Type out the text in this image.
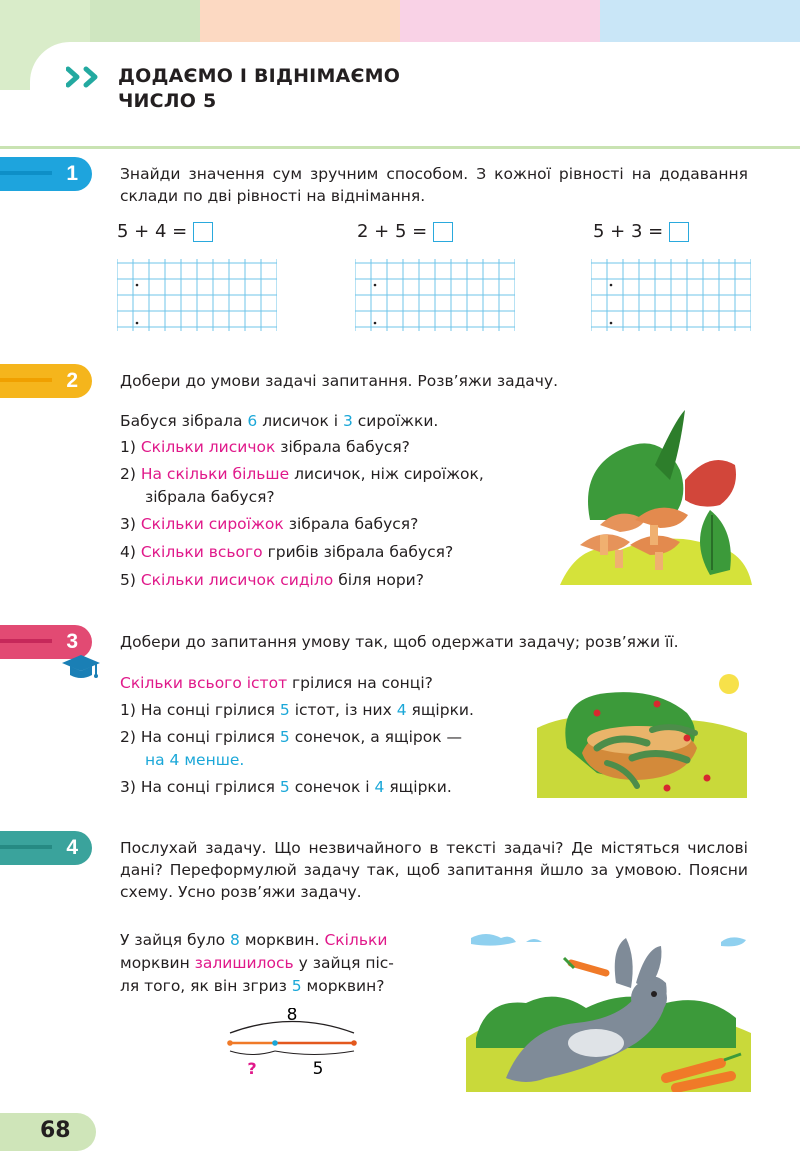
ДОДАЄМО І ВІДНІМАЄМО
ЧИСЛО 5
1	Знайди значення сум зручним способом. З кожної рівності на додавання склади по дві рівності на віднімання.
5 + 4 =	2 + 5 =	5 + 3 =
2	Добери до умови задачі запитання. Розв’яжи задачу.
Бабуся зібрала 6 лисичок і 3 сироїжки.
1) Скільки лисичок зібрала бабуся?
2) На скільки більше лисичок, ніж сироїжок,
зібрала бабуся?
3) Скільки сироїжок зібрала бабуся?
4) Скільки всього грибів зібрала бабуся?
5) Скільки лисичок сиділо біля нори?
3	Добери до запитання умову так, щоб одержати задачу; розв’яжи її.
Скільки всього істот грілися на сонці?
1) На сонці грілися 5 істот, із них 4 ящірки.
2) На сонці грілися 5 сонечок, а ящірок —
на 4 менше.
3) На сонці грілися 5 сонечок і 4 ящірки.
4	Послухай задачу. Що незвичайного в тексті задачі? Де містяться числові дані? Переформулюй задачу так, щоб запитання йшло за умовою. Поясни схему. Усно розв’яжи задачу.
У зайця було 8 морквин. Скільки
морквин залишилось у зайця піс-
ля того, як він згриз 5 морквин?
8
?	5
68
